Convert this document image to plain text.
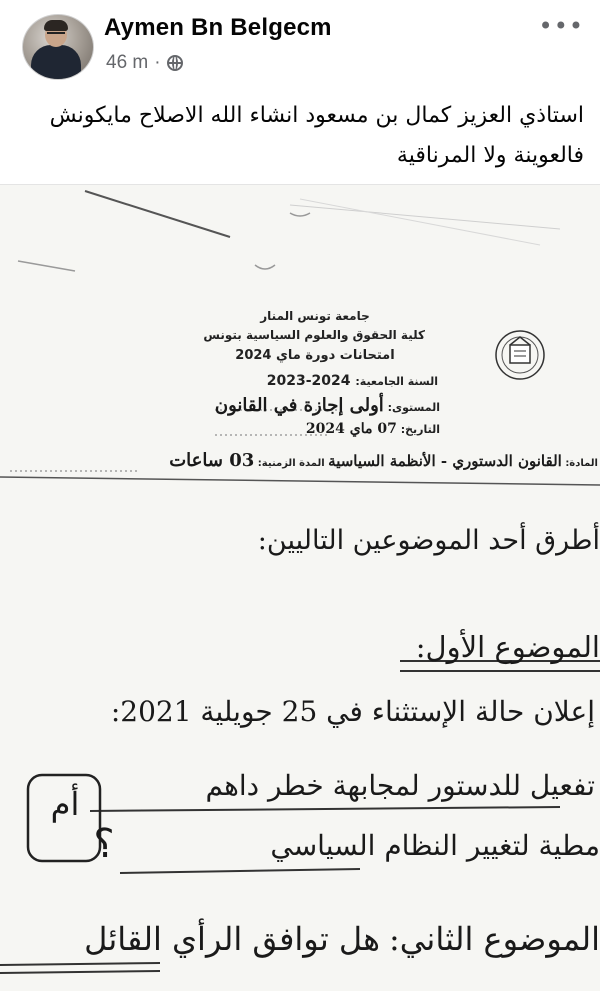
Aymen Bn Belgecm
46 m ·
•••
استاذي العزيز كمال بن مسعود انشاء الله الاصلاح مايكونش
فالعوينة ولا المرناقية
جامعة تونس المنار
كلية الحقوق والعلوم السياسية بتونس
امتحانات دورة ماي 2024
السنة الجامعية: 2024-2023
المستوى: أولى إجازة في القانون
التاريخ: 07 ماي 2024
المادة: القانون الدستوري - الأنظمة السياسية المدة الزمنية: 03 ساعات
أطرق أحد الموضوعين التاليين:
الموضوع الأول:
إعلان حالة الإستثناء في 25 جويلية 2021:
تفعيل للدستور لمجابهة خطر داهم
أم
مطية لتغيير النظام السياسي
؟
الموضوع الثاني:
هل توافق الرأي القائل
